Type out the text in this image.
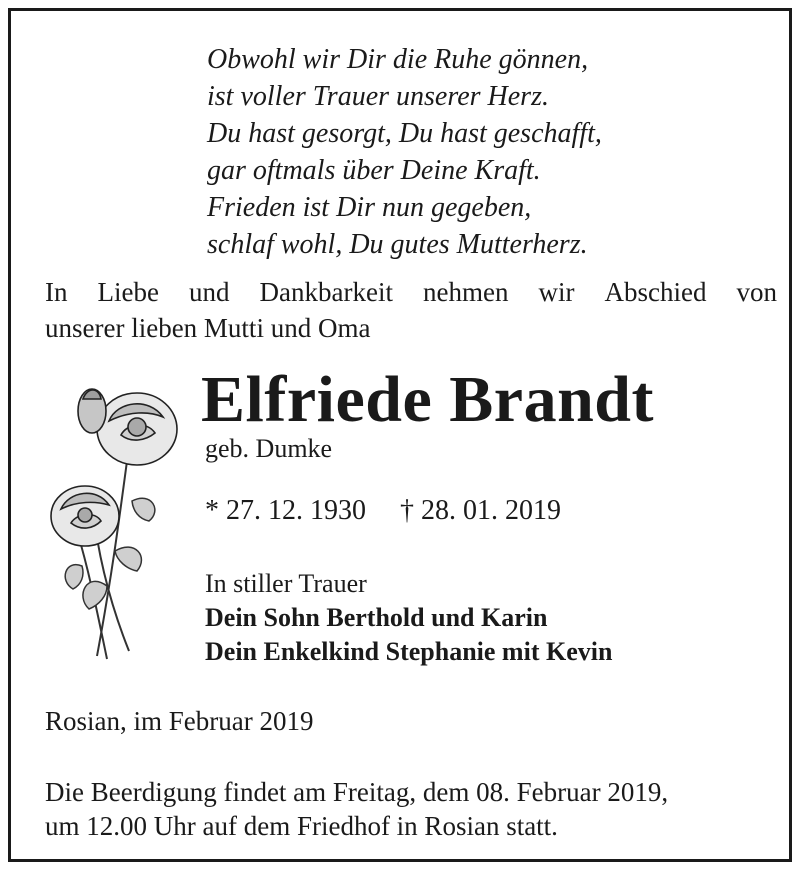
Obwohl wir Dir die Ruhe gönnen,
ist voller Trauer unserer Herz.
Du hast gesorgt, Du hast geschafft,
gar oftmals über Deine Kraft.
Frieden ist Dir nun gegeben,
schlaf wohl, Du gutes Mutterherz.
In Liebe und Dankbarkeit nehmen wir Abschied von
unserer lieben Mutti und Oma
Elfriede Brandt
geb. Dumke
* 27. 12. 1930 † 28. 01. 2019
In stiller Trauer
Dein Sohn Berthold und Karin
Dein Enkelkind Stephanie mit Kevin
Rosian, im Februar 2019
Die Beerdigung findet am Freitag, dem 08. Februar 2019,
um 12.00 Uhr auf dem Friedhof in Rosian statt.
